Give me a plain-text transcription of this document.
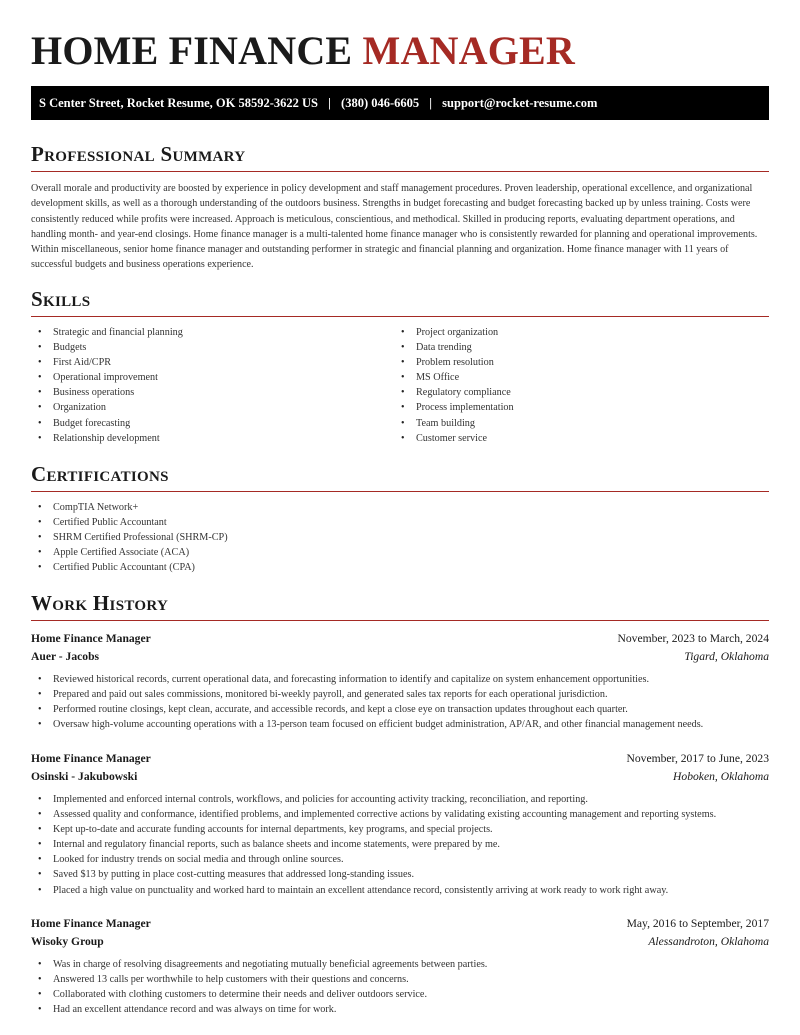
HOME FINANCE MANAGER
S Center Street, Rocket Resume, OK 58592-3622 US | (380) 046-6605 | support@rocket-resume.com
Professional Summary

Overall morale and productivity are boosted by experience in policy development and staff management procedures. Proven leadership, operational excellence, and organizational development skills, as well as a thorough understanding of the outdoors business. Strengths in budget forecasting and budget forecasting backed up by unless training. Costs were consistently reduced while profits were increased. Approach is meticulous, conscientious, and methodical. Skilled in producing reports, evaluating department operations, and handling month- and year-end closings. Home finance manager is a multi-talented home finance manager who is consistently rewarded for planning and operational improvements. Within miscellaneous, senior home finance manager and outstanding performer in strategic and financial planning and organization. Home finance manager with 11 years of successful budgets and business operations experience.

Skills
• Strategic and financial planning
• Budgets
• First Aid/CPR
• Operational improvement
• Business operations
• Organization
• Budget forecasting
• Relationship development
• Project organization
• Data trending
• Problem resolution
• MS Office
• Regulatory compliance
• Process implementation
• Team building
• Customer service
Certifications
• CompTIA Network+
• Certified Public Accountant
• SHRM Certified Professional (SHRM-CP)
• Apple Certified Associate (ACA)
• Certified Public Accountant (CPA)
Work History
Home Finance Manager	November, 2023 to March, 2024
Auer - Jacobs	Tigard, Oklahoma
• Reviewed historical records, current operational data, and forecasting information to identify and capitalize on system enhancement opportunities.
• Prepared and paid out sales commissions, monitored bi-weekly payroll, and generated sales tax reports for each operational jurisdiction.
• Performed routine closings, kept clean, accurate, and accessible records, and kept a close eye on transaction updates throughout each quarter.
• Oversaw high-volume accounting operations with a 13-person team focused on efficient budget administration, AP/AR, and other financial management needs.
Home Finance Manager	November, 2017 to June, 2023
Osinski - Jakubowski	Hoboken, Oklahoma
• Implemented and enforced internal controls, workflows, and policies for accounting activity tracking, reconciliation, and reporting.
• Assessed quality and conformance, identified problems, and implemented corrective actions by validating existing accounting management and reporting systems.
• Kept up-to-date and accurate funding accounts for internal departments, key programs, and special projects.
• Internal and regulatory financial reports, such as balance sheets and income statements, were prepared by me.
• Looked for industry trends on social media and through online sources.
• Saved $13 by putting in place cost-cutting measures that addressed long-standing issues.
• Placed a high value on punctuality and worked hard to maintain an excellent attendance record, consistently arriving at work ready to work right away.
Home Finance Manager	May, 2016 to September, 2017
Wisoky Group	Alessandroton, Oklahoma
• Was in charge of resolving disagreements and negotiating mutually beneficial agreements between parties.
• Answered 13 calls per worthwhile to help customers with their questions and concerns.
• Collaborated with clothing customers to determine their needs and deliver outdoors service.
• Had an excellent attendance record and was always on time for work.
